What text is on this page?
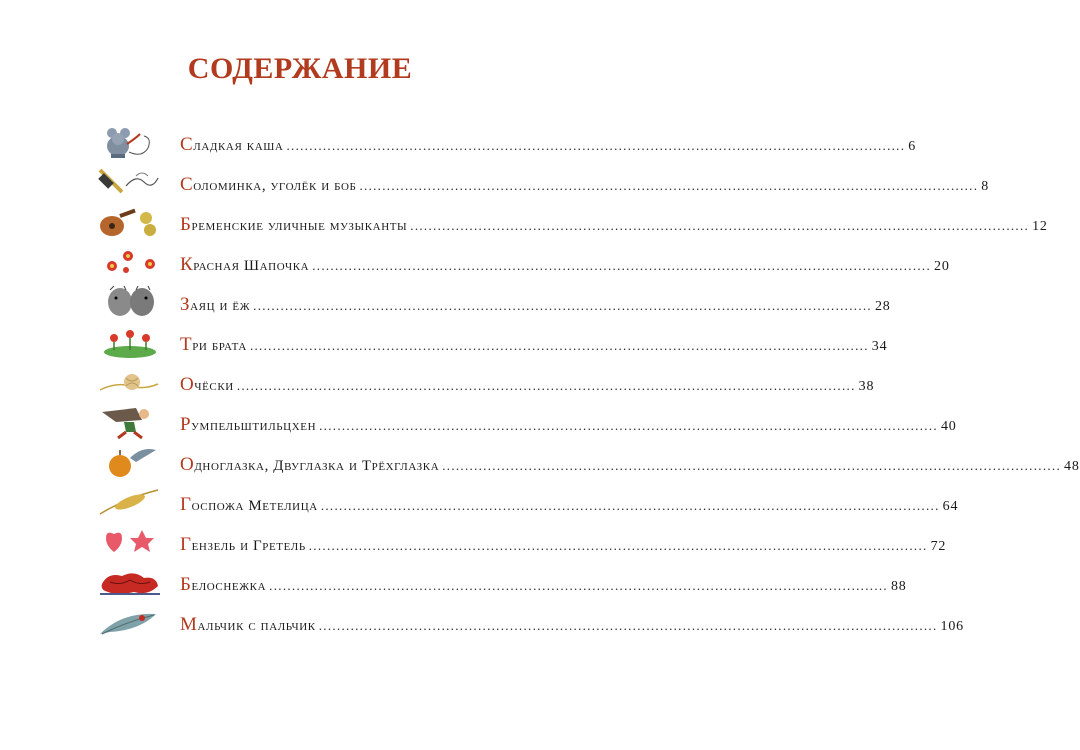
СОДЕРЖАНИЕ
Сладкая каша ........................................................................................................................................ 6
Соломинка, уголёк и боб ........................................................................................................................................ 8
Бременские уличные музыканты ........................................................................................................................................ 12
Красная Шапочка ........................................................................................................................................ 20
Заяц и ёж ........................................................................................................................................ 28
Три брата ........................................................................................................................................ 34
Очёски ........................................................................................................................................ 38
Румпельштильцхен ........................................................................................................................................ 40
Одноглазка, Двуглазка и Трёхглазка ........................................................................................................................................ 48
Госпожа Метелица ........................................................................................................................................ 64
Гензель и Гретель ........................................................................................................................................ 72
Белоснежка ........................................................................................................................................ 88
Мальчик с пальчик ........................................................................................................................................ 106
